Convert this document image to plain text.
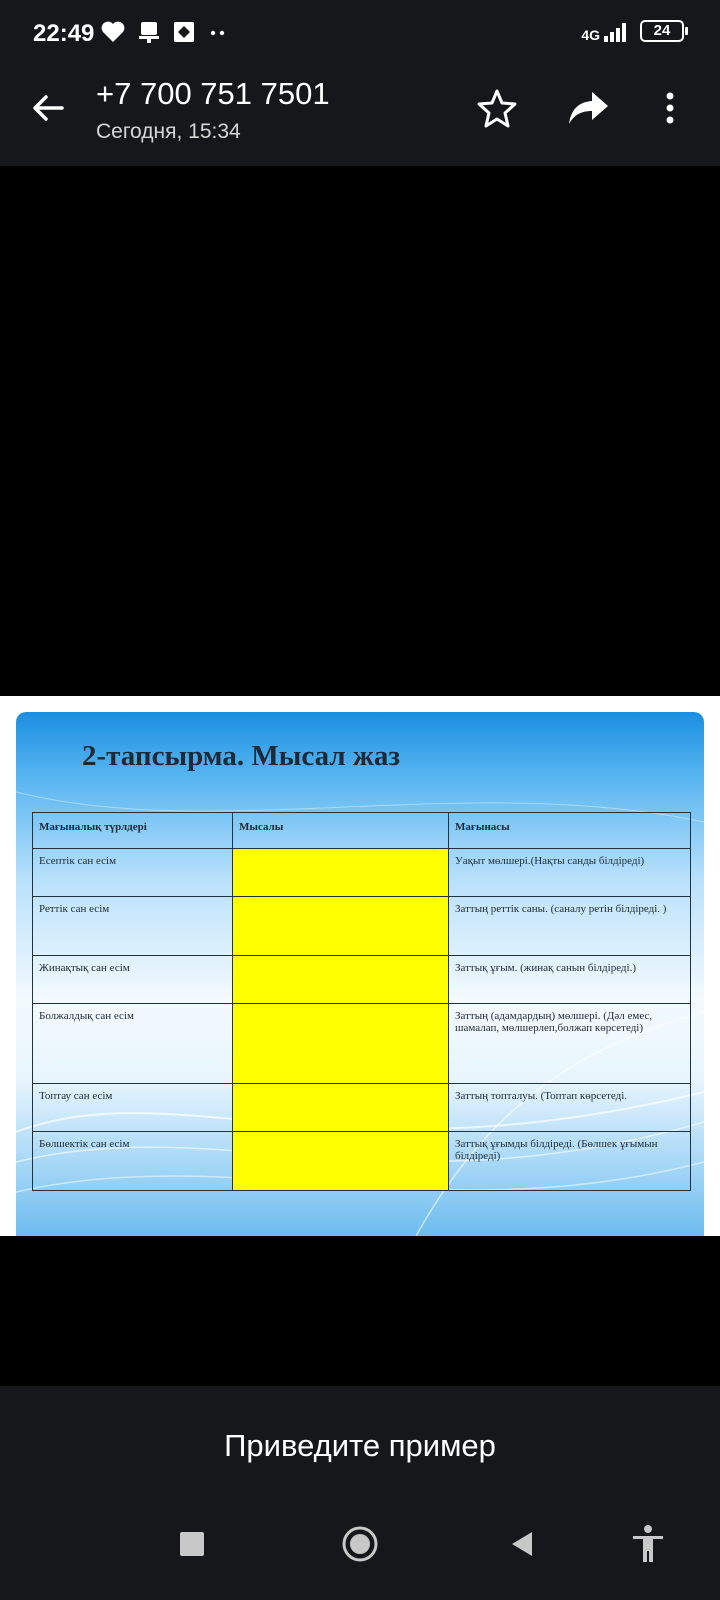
22:49	4G	24
+7 700 751 7501
Сегодня, 15:34
2-тапсырма. Мысал жаз
Мағыналық түрлдері	Мысалы	Мағынасы
Есептік сан есім		Уақыт мөлшері.(Нақты санды білдіреді)
Реттік сан есім		Заттың реттік саны. (саналу ретін білдіреді. )
Жинақтық сан есім		Заттық ұғым. (жинақ санын білдіреді.)
Болжалдық сан есім		Заттың (адамдардың) мөлшері. (Дәл емес, шамалап, мөлшерлеп,болжап көрсетеді)
Топтау сан есім		Заттың топталуы. (Топтап көрсетеді.
Бөлшектік сан есім		Заттық ұғымды білдіреді. (Бөлшек ұғымын білдіреді)
Приведите пример
